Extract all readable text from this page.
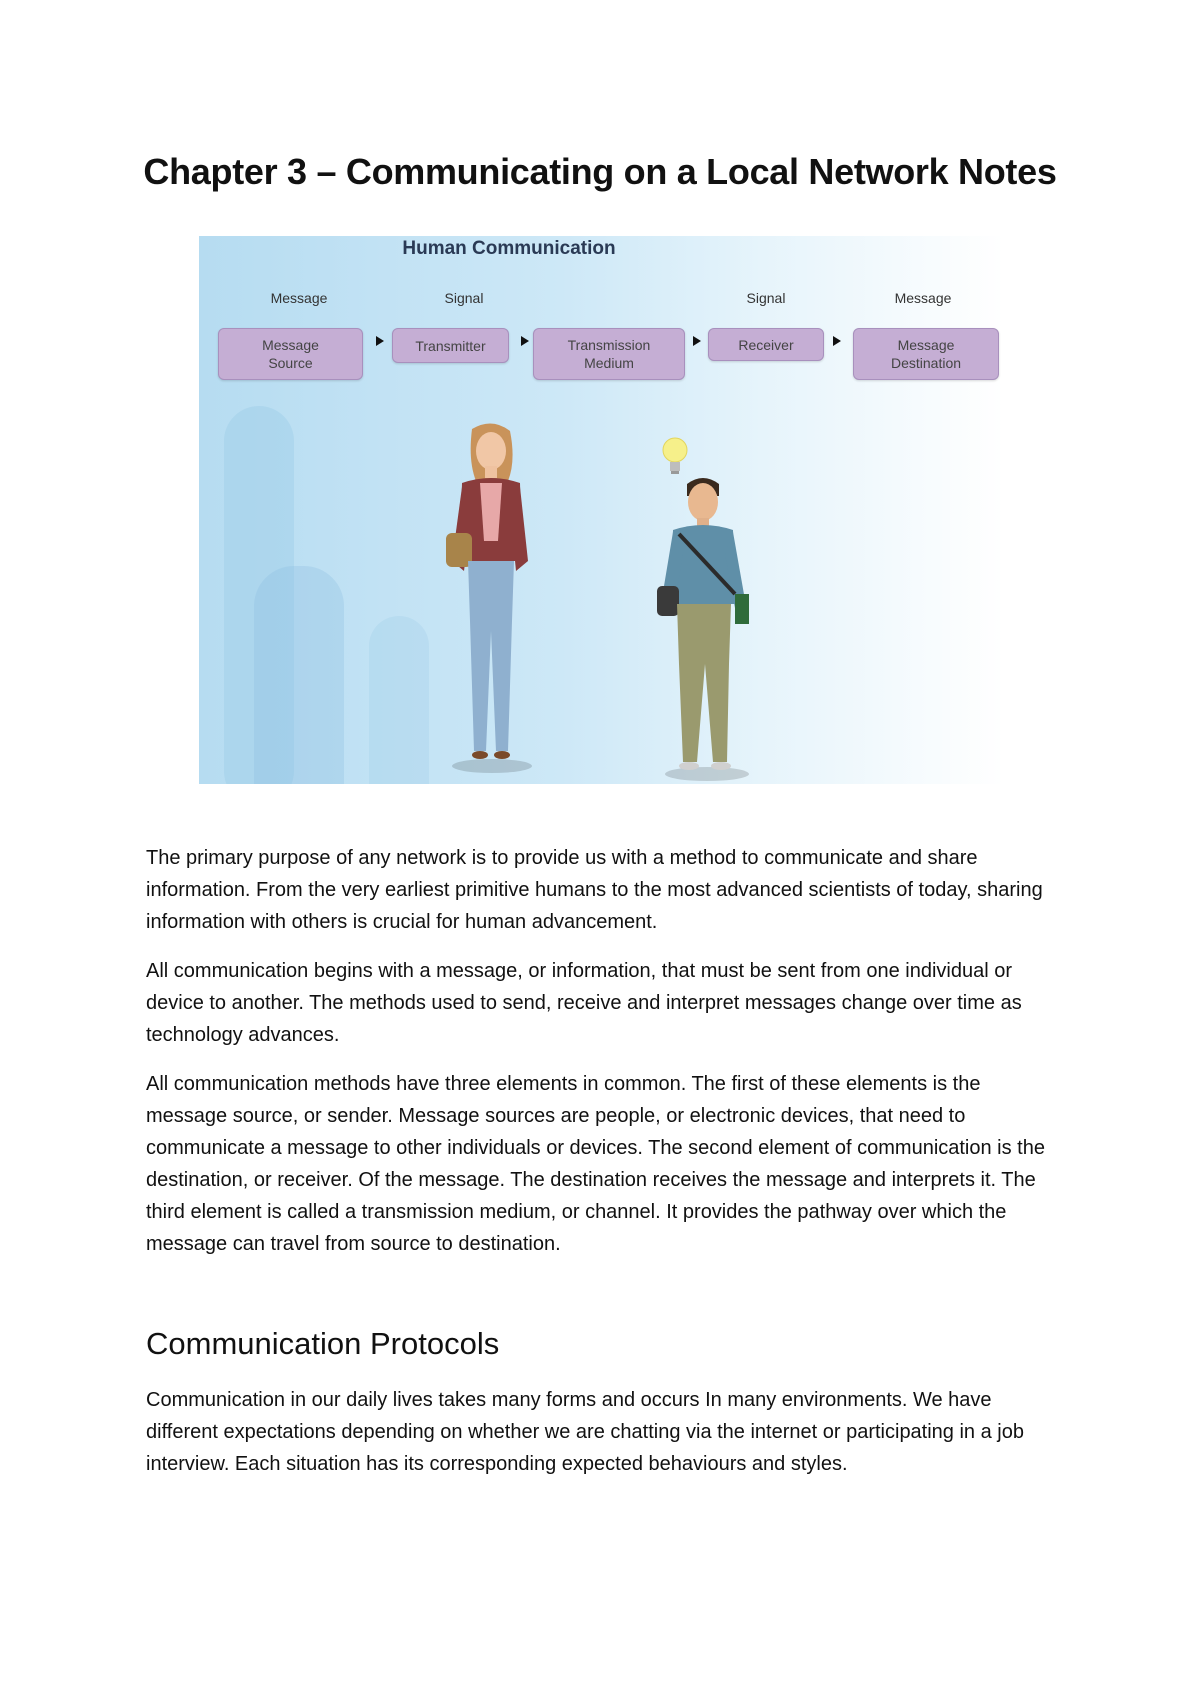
Chapter 3 – Communicating on a Local Network Notes
Human Communication
Message	Signal	Signal	Message
Message
Source
Transmitter	Transmission
Medium
Receiver	Message
Destination

The primary purpose of any network is to provide us with a method to communicate and share information. From the very earliest primitive humans to the most advanced scientists of today, sharing information with others is crucial for human advancement.

All communication begins with a message, or information, that must be sent from one individual or device to another. The methods used to send, receive and interpret messages change over time as technology advances.

All communication methods have three elements in common. The first of these elements is the message source, or sender. Message sources are people, or electronic devices, that need to communicate a message to other individuals or devices. The second element of communication is the destination, or receiver. Of the message. The destination receives the message and interprets it. The third element is called a transmission medium, or channel. It provides the pathway over which the message can travel from source to destination.

Communication Protocols

Communication in our daily lives takes many forms and occurs In many environments. We have different expectations depending on whether we are chatting via the internet or participating in a job interview. Each situation has its corresponding expected behaviours and styles.
